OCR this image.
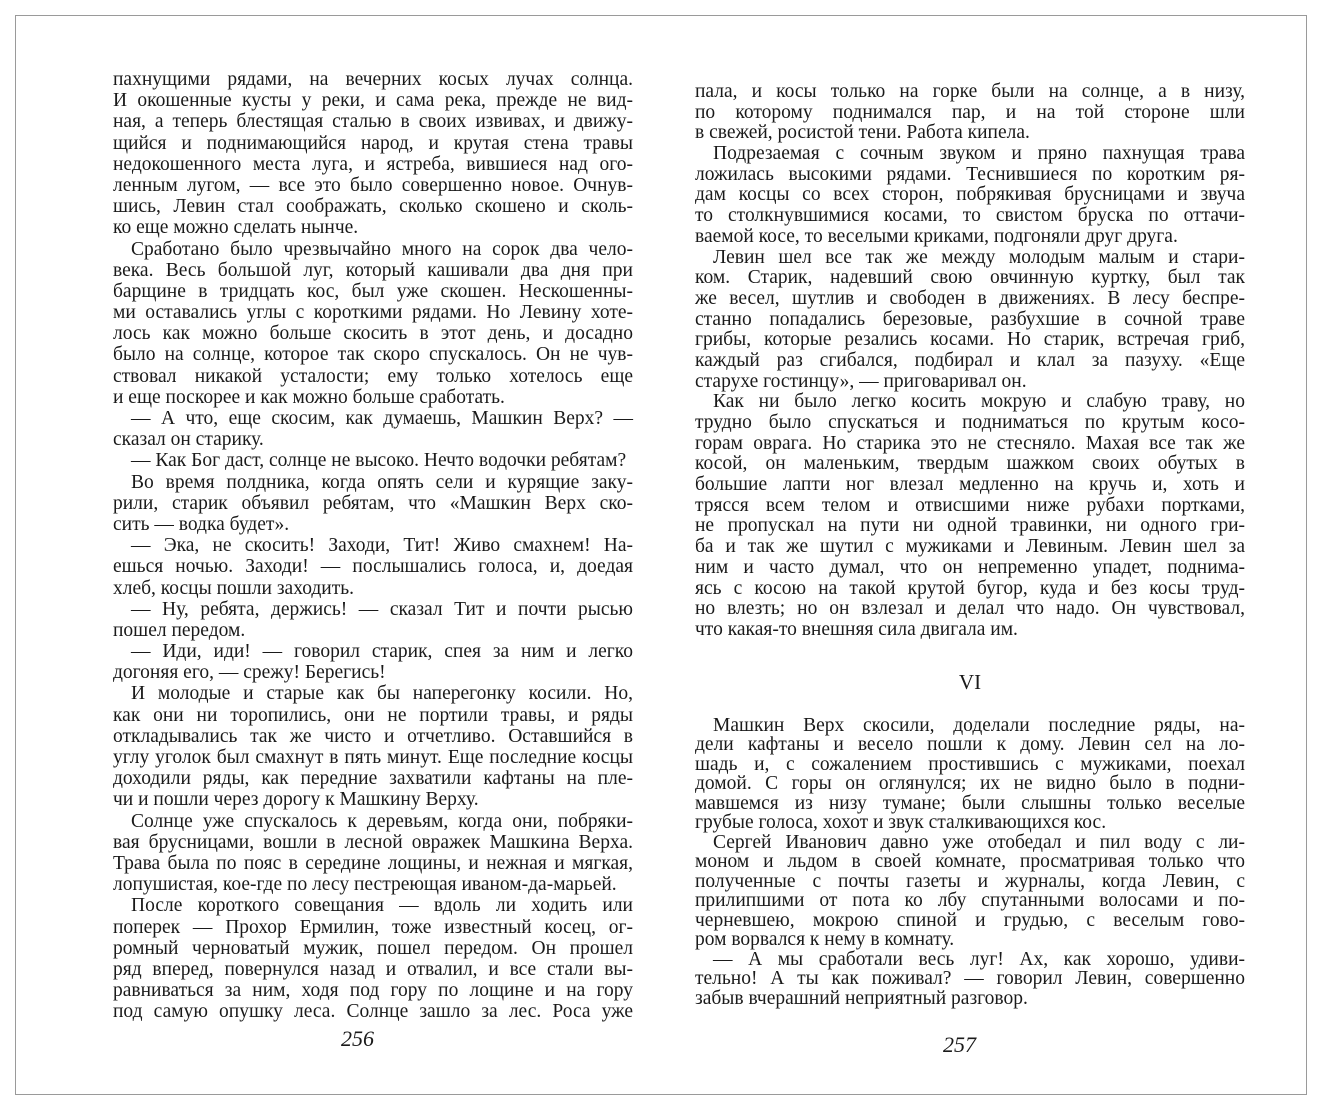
пахнущими рядами, на вечерних косых лучах солнца.
И окошенные кусты у реки, и сама река, прежде не вид-
ная, а теперь блестящая сталью в своих извивах, и движу-
щийся и поднимающийся народ, и крутая стена травы
недокошенного места луга, и ястреба, вившиеся над ого-
ленным лугом, — все это было совершенно новое. Очнув-
шись, Левин стал соображать, сколько скошено и сколь-
ко еще можно сделать нынче.
Сработано было чрезвычайно много на сорок два чело-
века. Весь большой луг, который кашивали два дня при
барщине в тридцать кос, был уже скошен. Нескошенны-
ми оставались углы с короткими рядами. Но Левину хоте-
лось как можно больше скосить в этот день, и досадно
было на солнце, которое так скоро спускалось. Он не чув-
ствовал никакой усталости; ему только хотелось еще
и еще поскорее и как можно больше сработать.
— А что, еще скосим, как думаешь, Машкин Верх? —
сказал он старику.
— Как Бог даст, солнце не высоко. Нечто водочки ребятам?
Во время полдника, когда опять сели и курящие заку-
рили, старик объявил ребятам, что «Машкин Верх ско-
сить — водка будет».
— Эка, не скосить! Заходи, Тит! Живо смахнем! На-
ешься ночью. Заходи! — послышались голоса, и, доедая
хлеб, косцы пошли заходить.
— Ну, ребята, держись! — сказал Тит и почти рысью
пошел передом.
— Иди, иди! — говорил старик, спея за ним и легко
догоняя его, — срежу! Берегись!
И молодые и старые как бы наперегонку косили. Но,
как они ни торопились, они не портили травы, и ряды
откладывались так же чисто и отчетливо. Оставшийся в
углу уголок был смахнут в пять минут. Еще последние косцы
доходили ряды, как передние захватили кафтаны на пле-
чи и пошли через дорогу к Машкину Верху.
Солнце уже спускалось к деревьям, когда они, побряки-
вая брусницами, вошли в лесной овражек Машкина Верха.
Трава была по пояс в середине лощины, и нежная и мягкая,
лопушистая, кое-где по лесу пестреющая иваном-да-марьей.
После короткого совещания — вдоль ли ходить или
поперек — Прохор Ермилин, тоже известный косец, ог-
ромный черноватый мужик, пошел передом. Он прошел
ряд вперед, повернулся назад и отвалил, и все стали вы-
равниваться за ним, ходя под гору по лощине и на гору
под самую опушку леса. Солнце зашло за лес. Роса уже
256
пала, и косы только на горке были на солнце, а в низу,
по которому поднимался пар, и на той стороне шли
в свежей, росистой тени. Работа кипела.
Подрезаемая с сочным звуком и пряно пахнущая трава
ложилась высокими рядами. Теснившиеся по коротким ря-
дам косцы со всех сторон, побрякивая брусницами и звуча
то столкнувшимися косами, то свистом бруска по оттачи-
ваемой косе, то веселыми криками, подгоняли друг друга.
Левин шел все так же между молодым малым и стари-
ком. Старик, надевший свою овчинную куртку, был так
же весел, шутлив и свободен в движениях. В лесу беспре-
станно попадались березовые, разбухшие в сочной траве
грибы, которые резались косами. Но старик, встречая гриб,
каждый раз сгибался, подбирал и клал за пазуху. «Еще
старухе гостинцу», — приговаривал он.
Как ни было легко косить мокрую и слабую траву, но
трудно было спускаться и подниматься по крутым косо-
горам оврага. Но старика это не стесняло. Махая все так же
косой, он маленьким, твердым шажком своих обутых в
большие лапти ног влезал медленно на кручь и, хоть и
трясся всем телом и отвисшими ниже рубахи портками,
не пропускал на пути ни одной травинки, ни одного гри-
ба и так же шутил с мужиками и Левиным. Левин шел за
ним и часто думал, что он непременно упадет, поднима-
ясь с косою на такой крутой бугор, куда и без косы труд-
но влезть; но он взлезал и делал что надо. Он чувствовал,
что какая-то внешняя сила двигала им.
VI
Машкин Верх скосили, доделали последние ряды, на-
дели кафтаны и весело пошли к дому. Левин сел на ло-
шадь и, с сожалением простившись с мужиками, поехал
домой. С горы он оглянулся; их не видно было в подни-
мавшемся из низу тумане; были слышны только веселые
грубые голоса, хохот и звук сталкивающихся кос.
Сергей Иванович давно уже отобедал и пил воду с ли-
моном и льдом в своей комнате, просматривая только что
полученные с почты газеты и журналы, когда Левин, с
прилипшими от пота ко лбу спутанными волосами и по-
черневшею, мокрою спиной и грудью, с веселым гово-
ром ворвался к нему в комнату.
— А мы сработали весь луг! Ах, как хорошо, удиви-
тельно! А ты как поживал? — говорил Левин, совершенно
забыв вчерашний неприятный разговор.
257
